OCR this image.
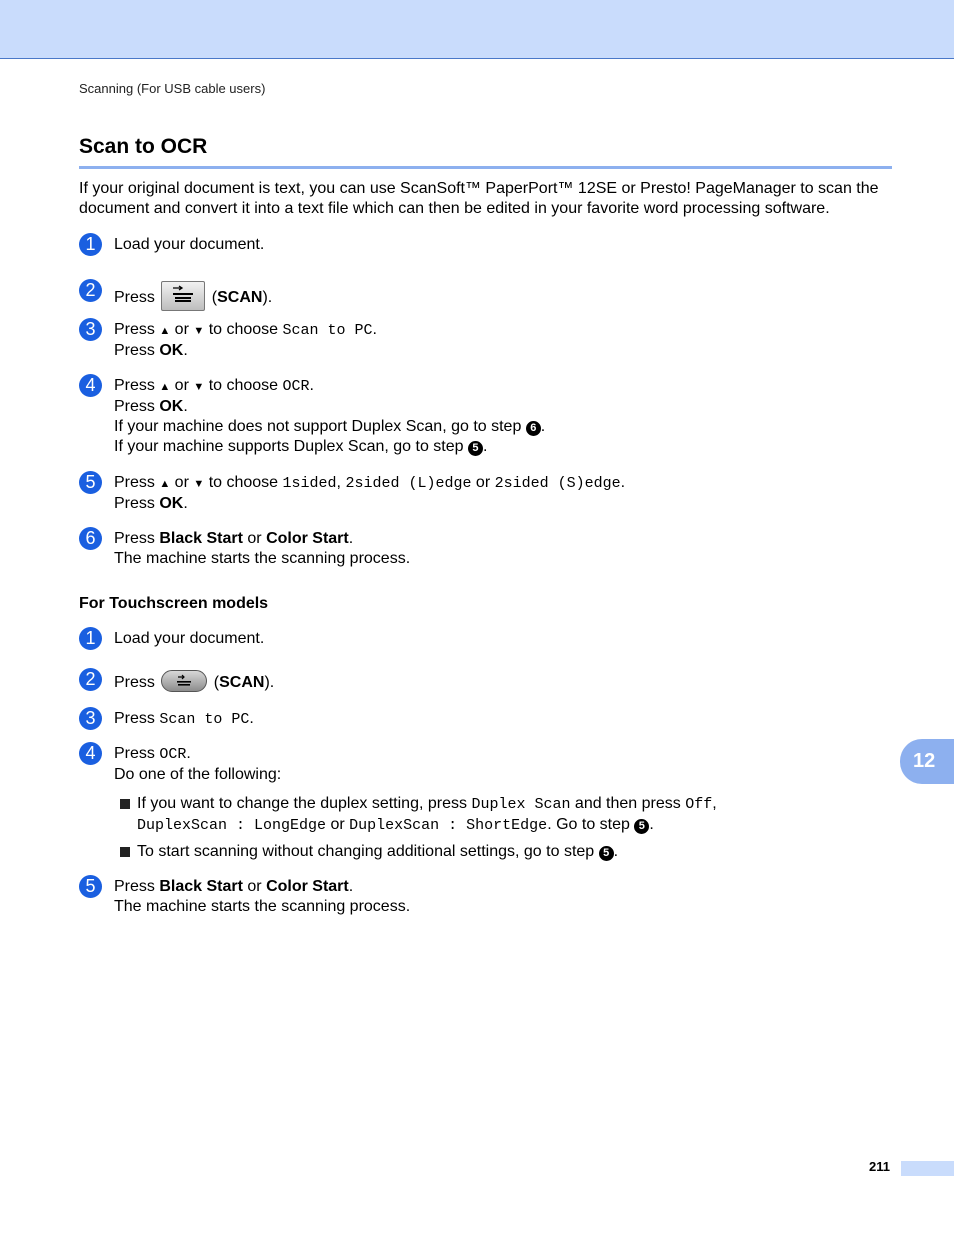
Scanning (For USB cable users)
Scan to OCR

If your original document is text, you can use ScanSoft™ PaperPort™ 12SE or Presto! PageManager to scan the document and convert it into a text file which can then be edited in your favorite word processing software.

1	Load your document.
2	Press	(SCAN).
3	Press ▲ or ▼ to choose Scan to PC.
Press OK.
4	Press ▲ or ▼ to choose OCR.
Press OK.
If your machine does not support Duplex Scan, go to step 6 .
If your machine supports Duplex Scan, go to step 5 .
5	Press ▲ or ▼ to choose 1sided, 2sided (L)edge or 2sided (S)edge.
Press OK.
6	Press Black Start or Color Start.
The machine starts the scanning process.
For Touchscreen models
1	Load your document.
2	Press	(SCAN).
3	Press Scan to PC.
4	Press OCR.
Do one of the following:
If you want to change the duplex setting, press Duplex Scan and then press Off,
DuplexScan : LongEdge or DuplexScan : ShortEdge. Go to step 5 .
To start scanning without changing additional settings, go to step 5 .
5	Press Black Start or Color Start.
The machine starts the scanning process.
12
211
